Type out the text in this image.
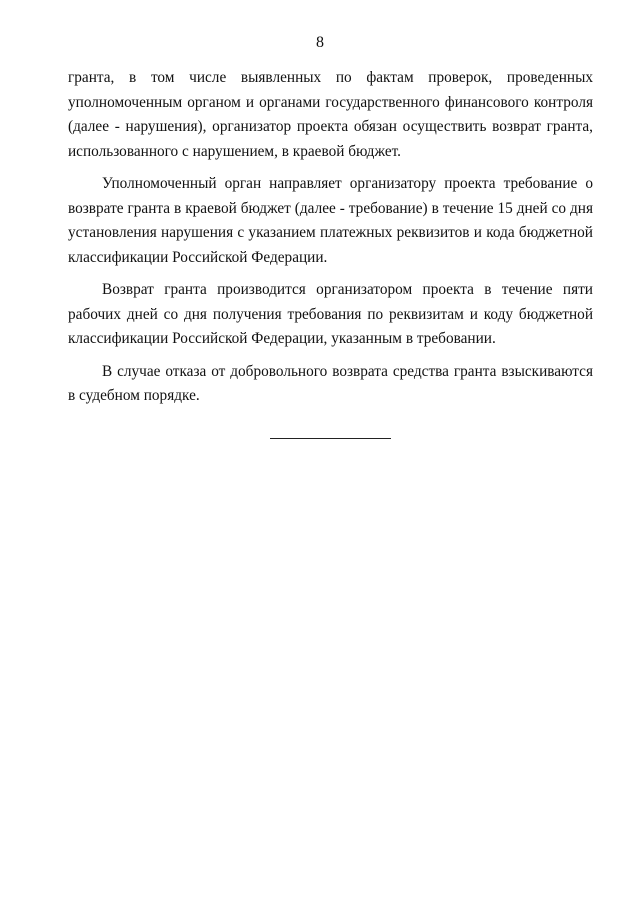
8

гранта, в том числе выявленных по фактам проверок, проведенных уполномоченным органом и органами государственного финансового контроля (далее - нарушения), организатор проекта обязан осуществить возврат гранта, использованного с нарушением, в краевой бюджет.

Уполномоченный орган направляет организатору проекта требование о возврате гранта в краевой бюджет (далее - требование) в течение 15 дней со дня установления нарушения с указанием платежных реквизитов и кода бюджетной классификации Российской Федерации.

Возврат гранта производится организатором проекта в течение пяти рабочих дней со дня получения требования по реквизитам и коду бюджетной классификации Российской Федерации, указанным в требовании.

В случае отказа от добровольного возврата средства гранта взыскиваются в судебном порядке.
